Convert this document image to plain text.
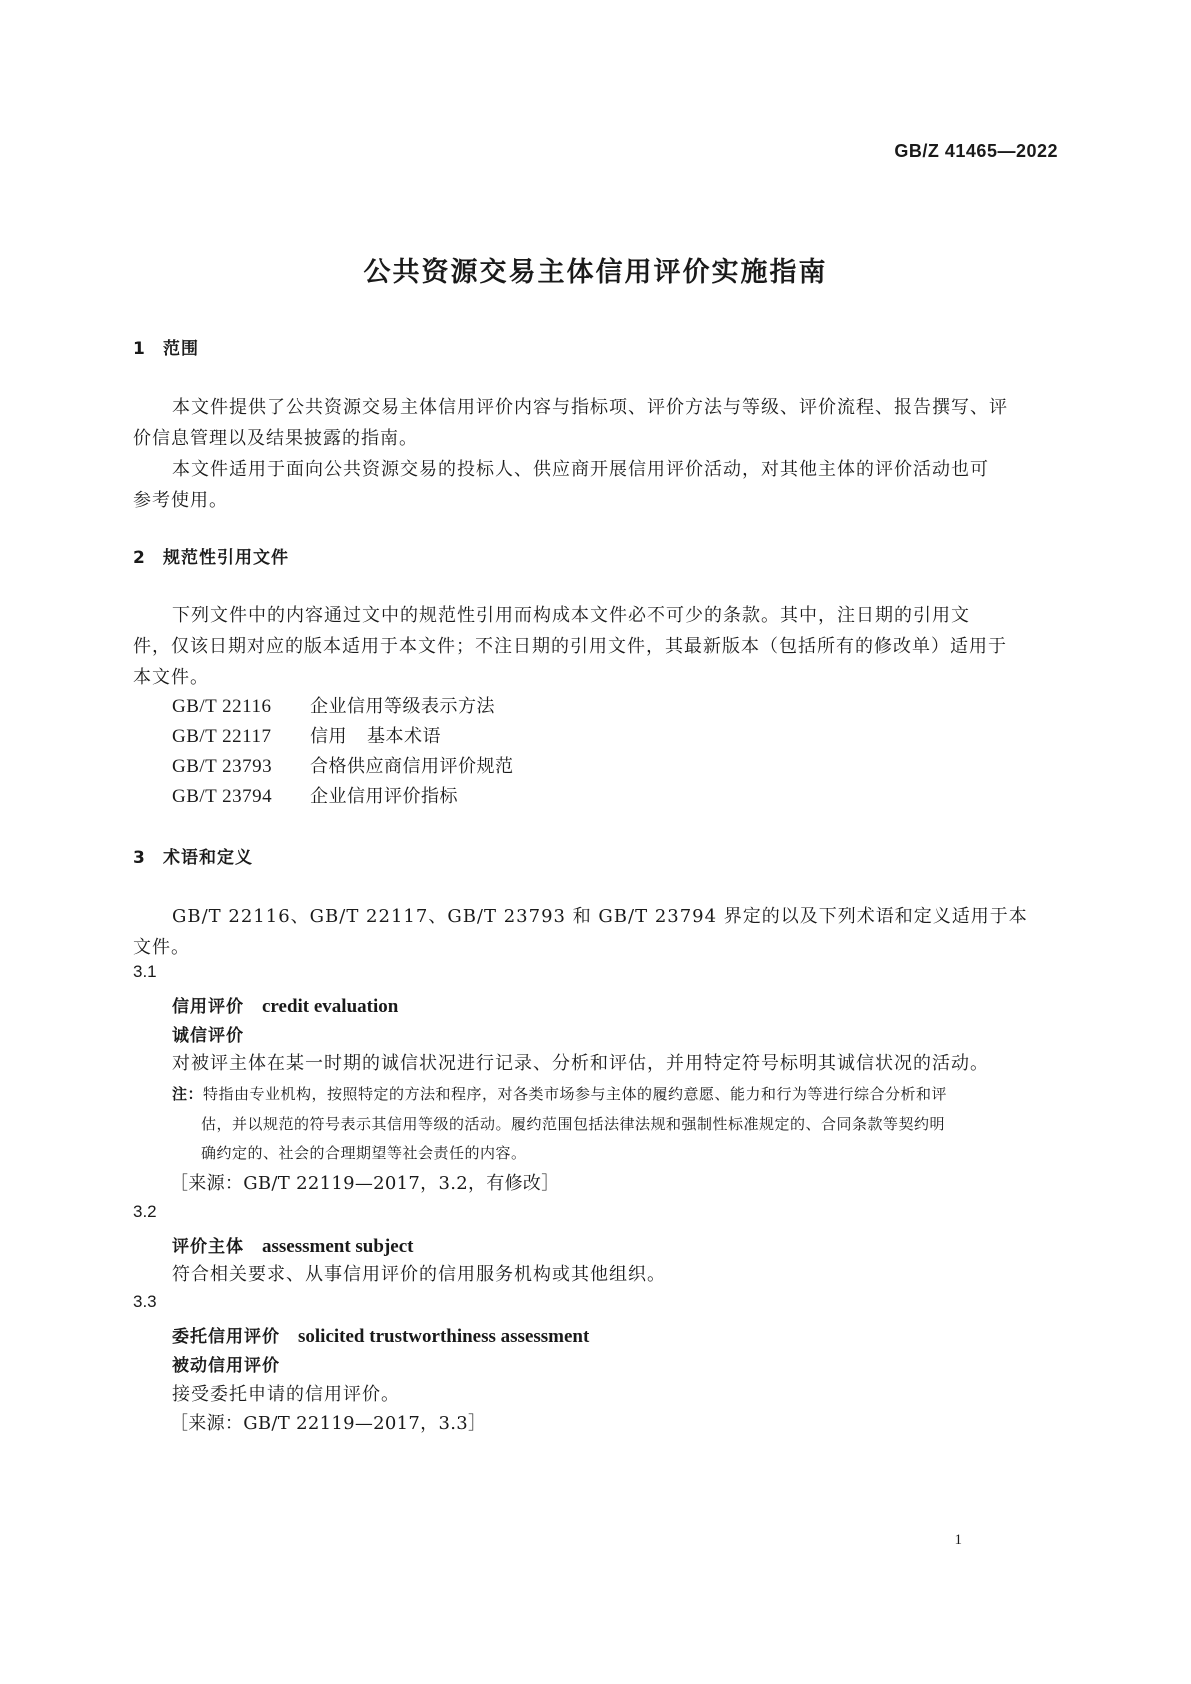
GB/Z 41465—2022
公共资源交易主体信用评价实施指南
1 范围
本文件提供了公共资源交易主体信用评价内容与指标项、评价方法与等级、评价流程、报告撰写、评
价信息管理以及结果披露的指南。
本文件适用于面向公共资源交易的投标人、供应商开展信用评价活动，对其他主体的评价活动也可
参考使用。
2 规范性引用文件
下列文件中的内容通过文中的规范性引用而构成本文件必不可少的条款。其中，注日期的引用文
件，仅该日期对应的版本适用于本文件；不注日期的引用文件，其最新版本（包括所有的修改单）适用于
本文件。
GB/T 22116 企业信用等级表示方法
GB/T 22117 信用 基本术语
GB/T 23793 合格供应商信用评价规范
GB/T 23794 企业信用评价指标
3 术语和定义
GB/T 22116、GB/T 22117、GB/T 23793 和 GB/T 23794 界定的以及下列术语和定义适用于本
文件。
3.1
信用评价 credit evaluation
诚信评价
对被评主体在某一时期的诚信状况进行记录、分析和评估，并用特定符号标明其诚信状况的活动。
注：特指由专业机构，按照特定的方法和程序，对各类市场参与主体的履约意愿、能力和行为等进行综合分析和评
估，并以规范的符号表示其信用等级的活动。履约范围包括法律法规和强制性标准规定的、合同条款等契约明
确约定的、社会的合理期望等社会责任的内容。
［来源：GB/T 22119—2017，3.2，有修改］
3.2
评价主体 assessment subject
符合相关要求、从事信用评价的信用服务机构或其他组织。
3.3
委托信用评价 solicited trustworthiness assessment
被动信用评价
接受委托申请的信用评价。
［来源：GB/T 22119—2017，3.3］
1
